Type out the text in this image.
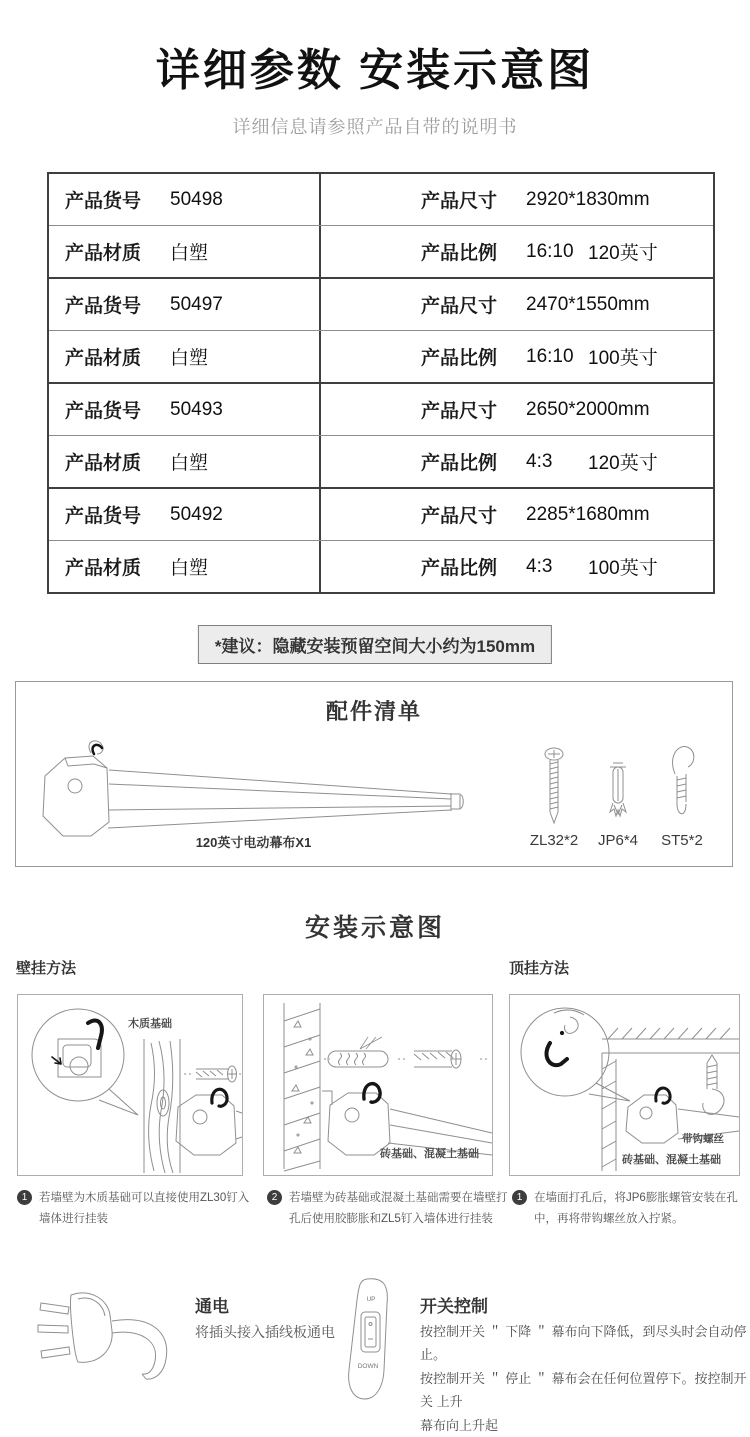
详细参数 安装示意图
详细信息请参照产品自带的说明书
产品货号	50498	产品尺寸	2920*1830mm
产品材质	白塑	产品比例	16:10 120英寸
产品货号	50497	产品尺寸	2470*1550mm
产品材质	白塑	产品比例	16:10 100英寸
产品货号	50493	产品尺寸	2650*2000mm
产品材质	白塑	产品比例	4:3	120英寸
产品货号	50492	产品尺寸	2285*1680mm
产品材质	白塑	产品比例	4:3	100英寸
*建议：隐藏安装预留空间大小约为150mm
配件清单
120英寸电动幕布X1	ZL32*2 JP6*4 ST5*2
安装示意图
壁挂方法	顶挂方法
木质基础
砖基础、混凝土基础
带钩螺丝
砖基础、混凝土基础
1	若墙壁为木质基础可以直接使用ZL30钉入墙体进行挂装
2	若墙壁为砖基础或混凝土基础需要在墙壁打孔后使用胶膨胀和ZL5钉入墙体进行挂装
1	在墙面打孔后，将JP6膨胀螺管安装在孔中，再将带钩螺丝放入拧紧。
通电
将插头接入插线板通电
UP
DOWN
开关控制
按控制开关 ＂ 下降 ＂ 幕布向下降低，到尽头时会自动停止。
按控制开关 ＂ 停止 ＂ 幕布会在任何位置停下。按控制开关 上升
幕布向上升起
